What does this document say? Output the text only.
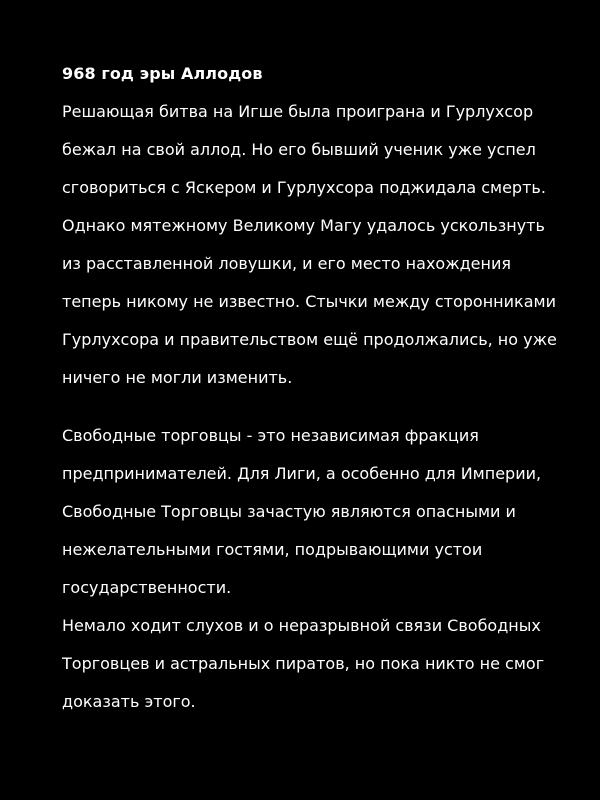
968 год эры Аллодов
Решающая битва на Игше была проиграна и Гурлухсор
бежал на свой аллод. Но его бывший ученик уже успел
сговориться с Яскером и Гурлухсора поджидала смерть.
Однако мятежному Великому Магу удалось ускользнуть
из расставленной ловушки, и его место нахождения
теперь никому не известно. Стычки между сторонниками
Гурлухсора и правительством ещё продолжались, но уже
ничего не могли изменить.
Свободные торговцы - это независимая фракция
предпринимателей. Для Лиги, а особенно для Империи,
Свободные Торговцы зачастую являются опасными и
нежелательными гостями, подрывающими устои
государственности.
Немало ходит слухов и о неразрывной связи Свободных
Торговцев и астральных пиратов, но пока никто не смог
доказать этого.
